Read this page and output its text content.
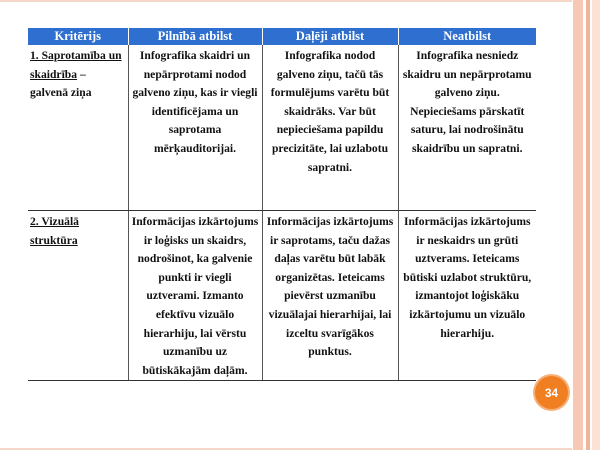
Kritērijs	Pilnībā atbilst	Daļēji atbilst	Neatbilst
1. Saprotamība un skaidrība – galvenā ziņa	Infografika skaidri un nepārprotami nodod galveno ziņu, kas ir viegli identificējama un saprotama mērķauditorijai.	Infografika nodod galveno ziņu, tačū tās formulējums varētu būt skaidrāks. Var būt nepieciešama papildu precizitāte, lai uzlabotu sapratni.	Infografika nesniedz skaidru un nepārprotamu galveno ziņu. Nepieciešams pārskatīt saturu, lai nodrošinātu skaidrību un sapratni.
2. Vizuālā struktūra	Informācijas izkārtojums ir loģisks un skaidrs, nodrošinot, ka galvenie punkti ir viegli uztverami. Izmanto efektīvu vizuālo hierarhiju, lai vērstu uzmanību uz būtiskākajām daļām.	Informācijas izkārtojums ir saprotams, taču dažas daļas varētu būt labāk organizētas. Ieteicams pievērst uzmanību vizuālajai hierarhijai, lai izceltu svarīgākos punktus.	Informācijas izkārtojums ir neskaidrs un grūti uztverams. Ieteicams būtiski uzlabot struktūru, izmantojot loģiskāku izkārtojumu un vizuālo hierarhiju.
34
